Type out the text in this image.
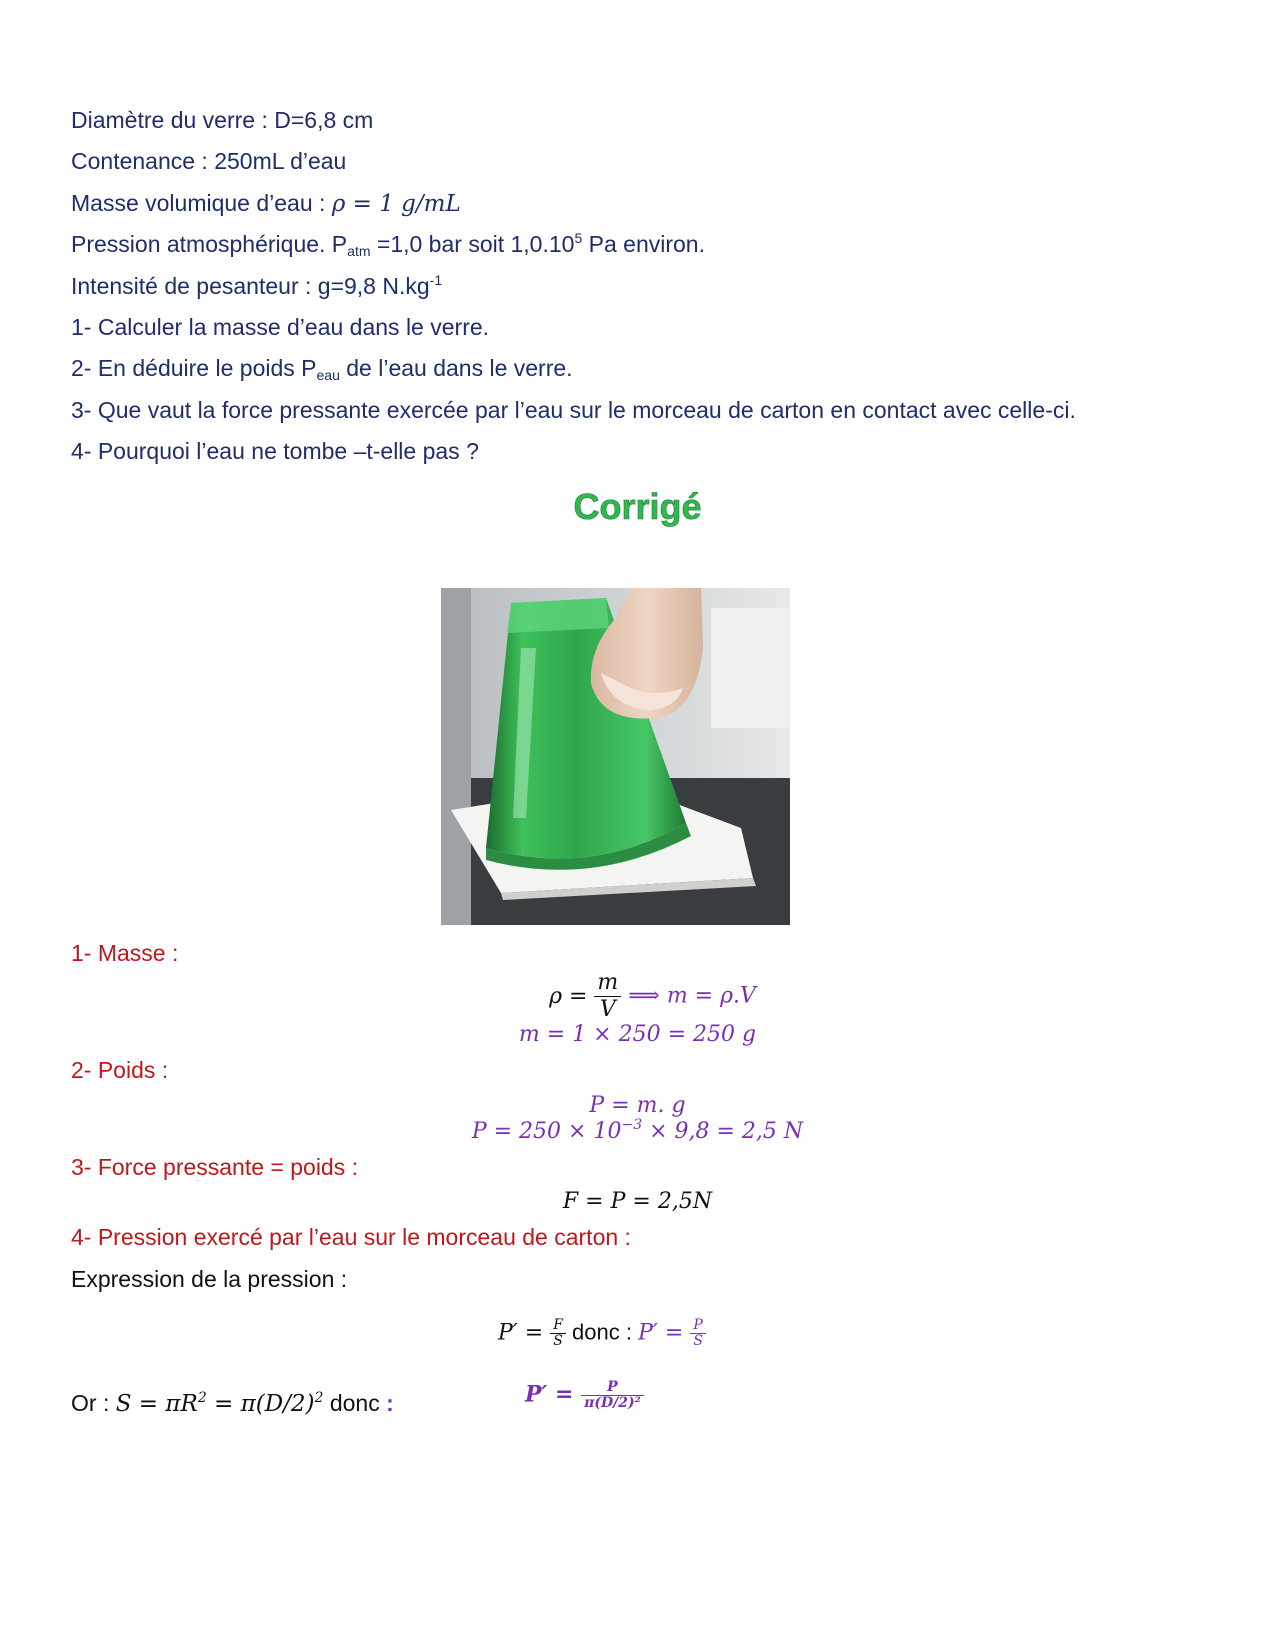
Diamètre du verre : D=6,8 cm
Contenance : 250mL d’eau
Masse volumique d’eau : ρ = 1 g/mL
Pression atmosphérique. $P_{atm} =1,0$ bar soit 1,0.10$^5$ Pa environ.
Intensité de pesanteur : g=9,8 $N.kg^{-1}$
1- Calculer la masse d’eau dans le verre.
2- En déduire le poids $P_{eau}$ de l’eau dans le verre.
3- Que vaut la force pressante exercée par l’eau sur le morceau de carton en contact avec celle-ci.
4- Pourquoi l’eau ne tombe –t-elle pas ?
Corrigé
1- Masse :
$\rho = \frac{m}{V}$ ⟹ m = ρ.V
m = 1 × 250 = 250 g
2- Poids :
P = m. g
$P = 250 \times 10^{-3} \times 9,8 = 2,5$ N
3- Force pressante = poids :
F = P = 2,5N
4- Pression exercé par l’eau sur le morceau de carton :
Expression de la pression :
$P' = \frac{F}{S}$ donc : $P' = \frac{P}{S}$
Or : $S = \pi R^2 = \pi(D/2)^2$ donc :	$P' = \frac{P}{\text{π(D/2)²}}$
